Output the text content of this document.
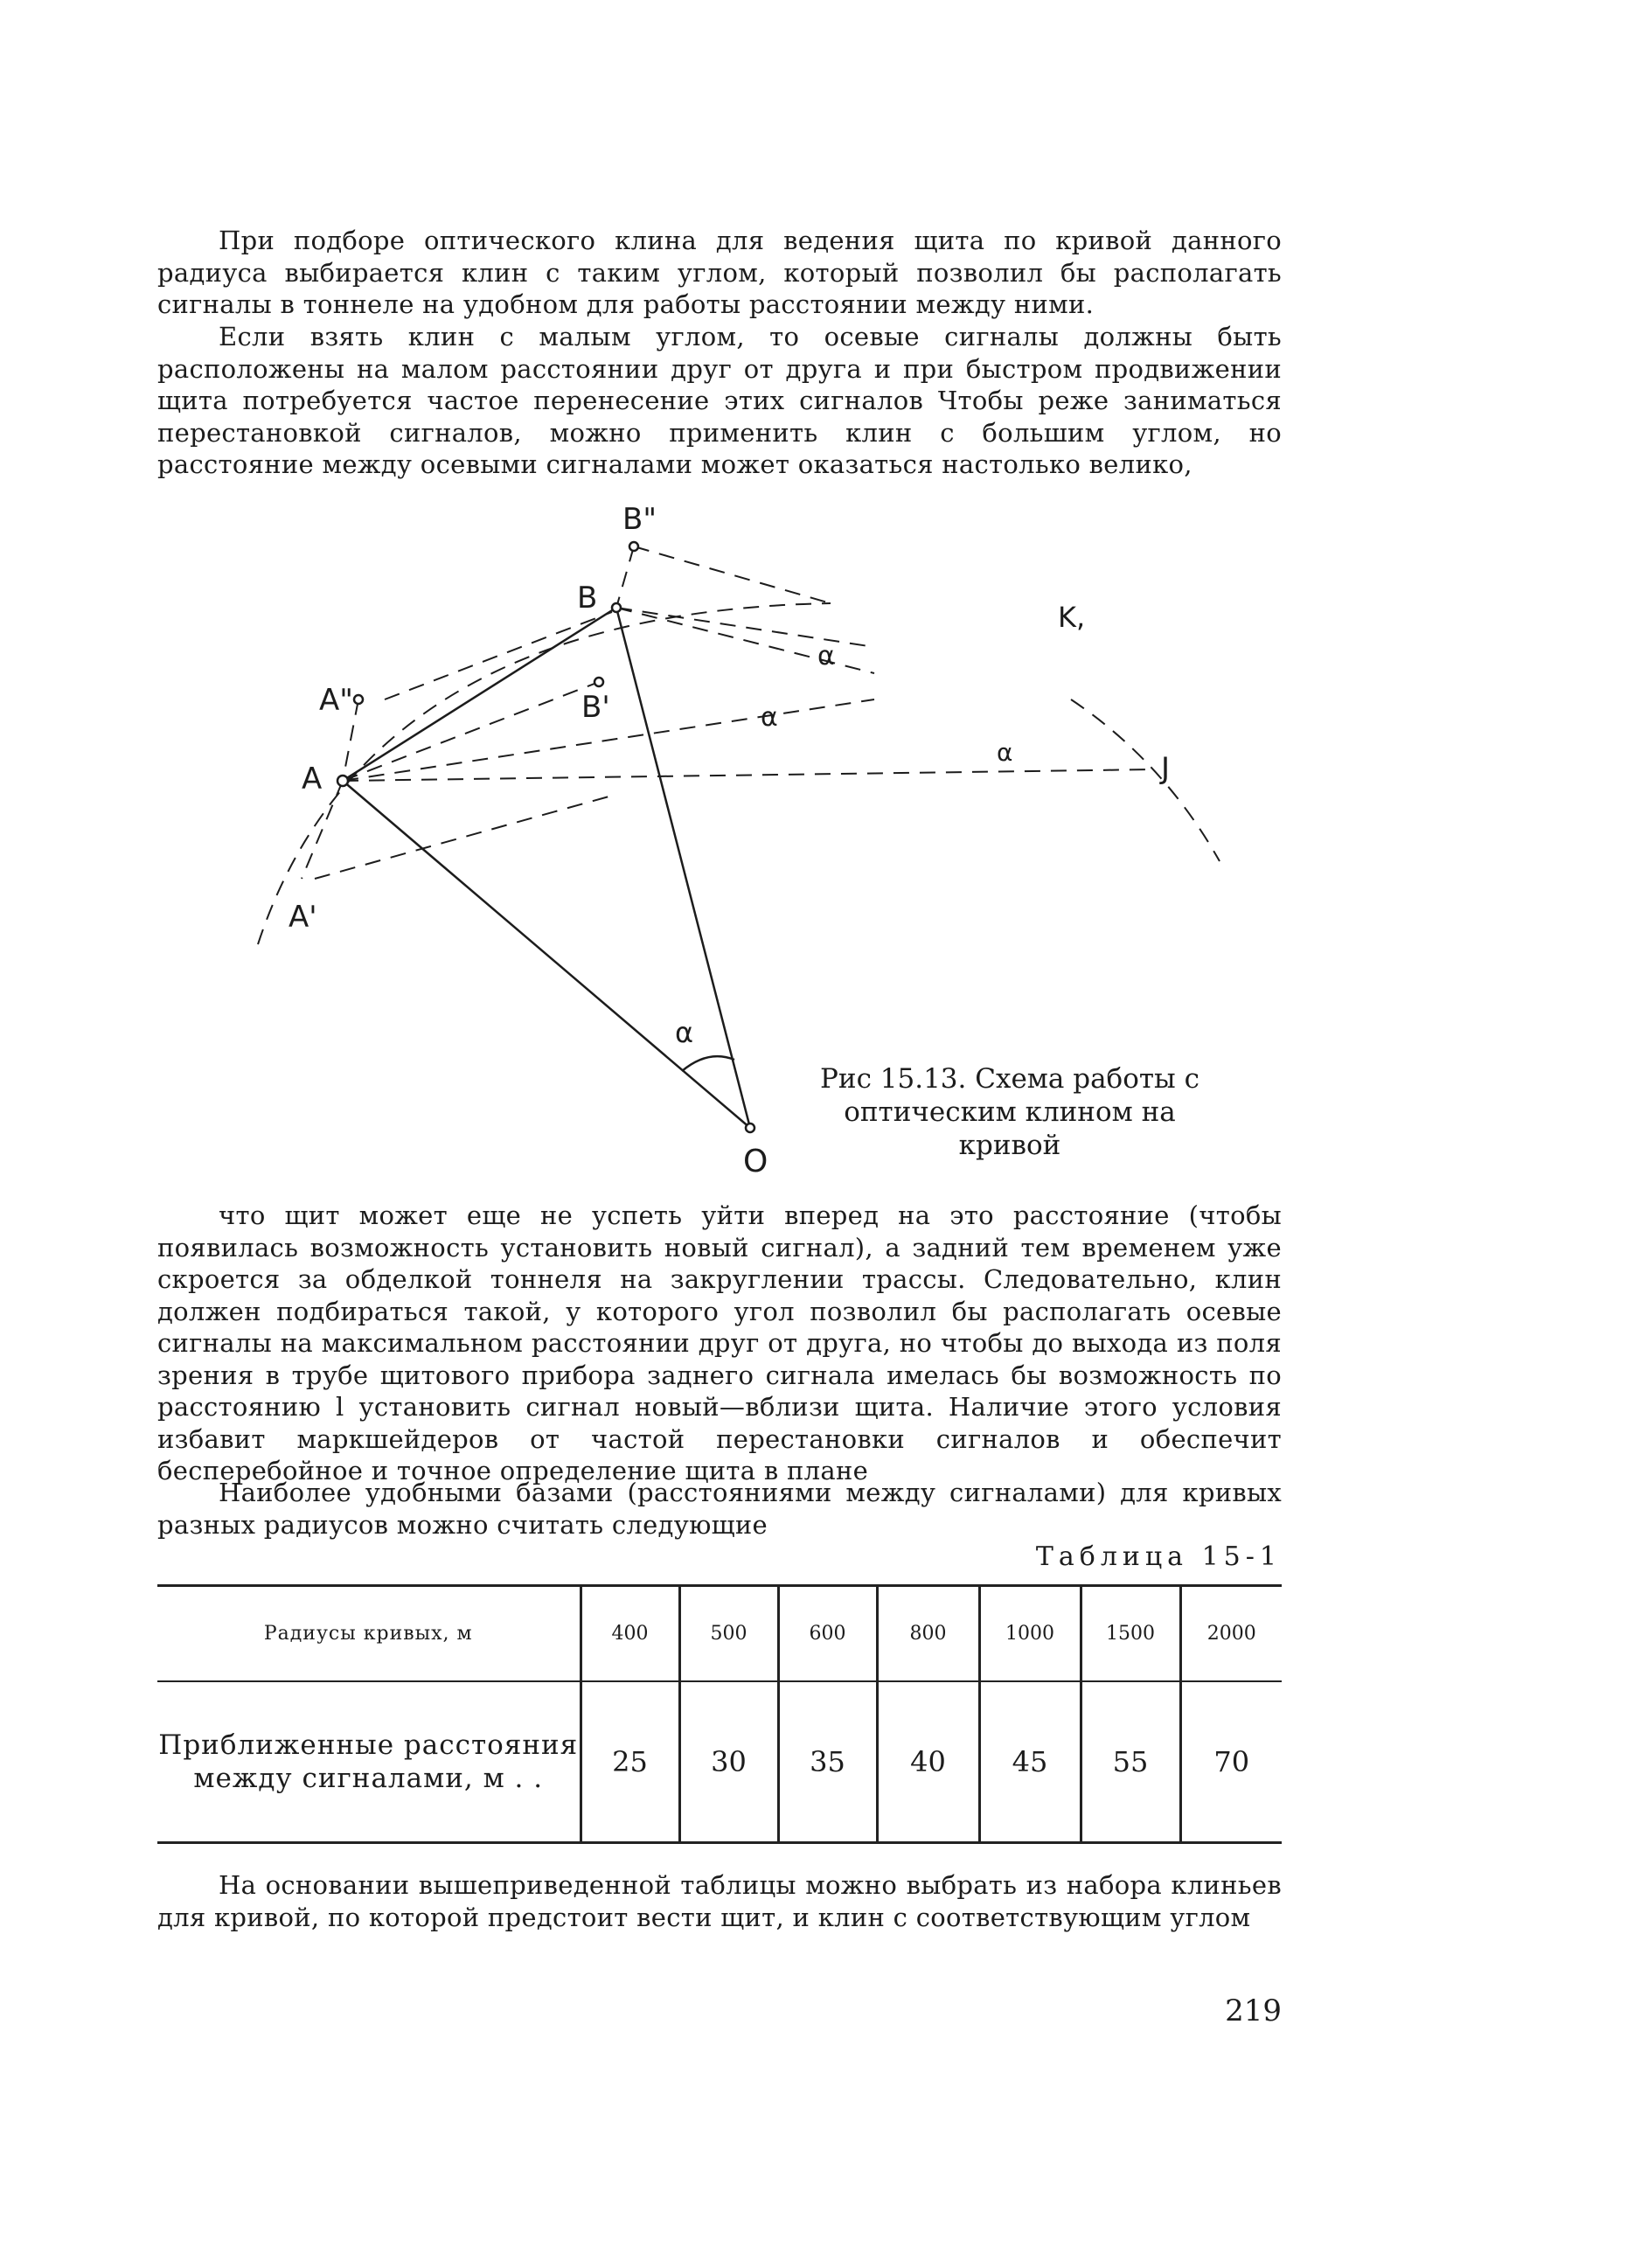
При подборе оптического клина для ведения щита по кривой данного радиуса выбирается клин с таким углом, который позволил бы располагать сигналы в тоннеле на удобном для работы расстоянии между ними.

Если взять клин с малым углом, то осевые сигналы должны быть расположены на малом расстоянии друг от друга и при быстром продвижении щита потребуется частое перенесение этих сигналов Чтобы реже заниматься перестановкой сигналов, можно применить клин с большим углом, но расстояние между осевыми сигналами может оказаться настолько велико,

B"
B
B'
A"
A
A'
O
K,
J
α
α
α
α

Рис 15.13. Схема работы с оптическим клином на кривой

что щит может еще не успеть уйти вперед на это расстояние (чтобы появилась возможность установить новый сигнал), а задний тем временем уже скроется за обделкой тоннеля на закруглении трассы. Следовательно, клин должен подбираться такой, у которого угол позволил бы располагать осевые сигналы на максимальном расстоянии друг от друга, но чтобы до выхода из поля зрения в трубе щитового прибора заднего сигнала имелась бы возможность по расстоянию l установить сигнал новый—вблизи щита. Наличие этого условия избавит маркшейдеров от частой перестановки сигналов и обеспечит бесперебойное и точное определение щита в плане

Наиболее удобными базами (расстояниями между сигналами) для кривых разных радиусов можно считать следующие

Таблица 15-1

Радиусы кривых, м	400	500	600	800	1000	1500	2000
Приближенные расстояния между сигналами, м . .	25	30	35	40	45	55	70

На основании вышеприведенной таблицы можно выбрать из набора клиньев для кривой, по которой предстоит вести щит, и клин с соответствующим углом

219
